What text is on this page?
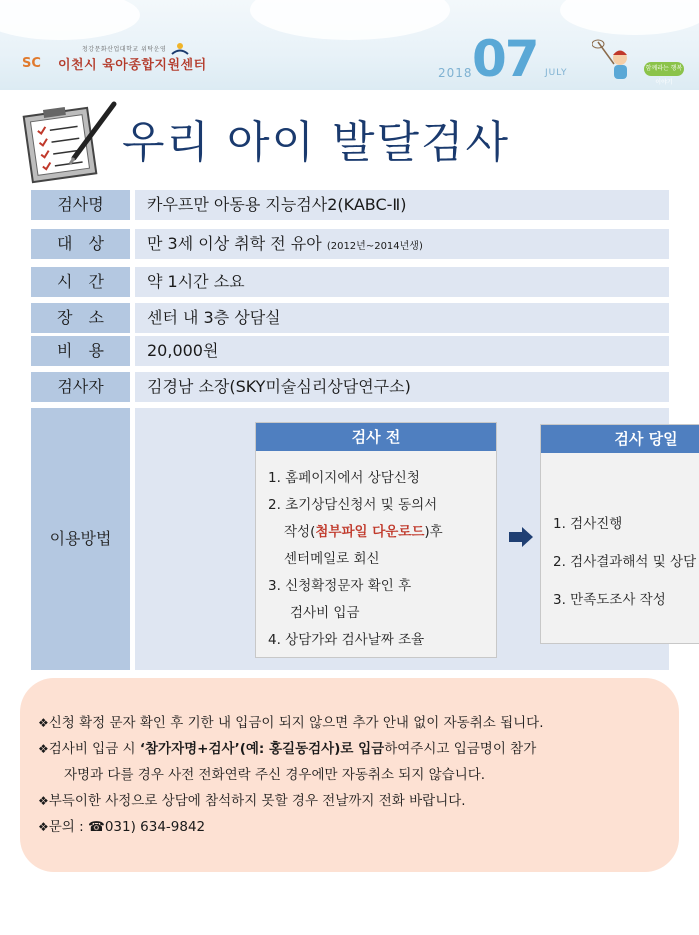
청강문화산업대학교 위탁운영
SC 이천시 육아종합지원센터	2018 07 JULY	함께라는 행복이야기
우리 아이 발달검사
검사명	카우프만 아동용 지능검사2(KABC-Ⅱ)
대　상	만 3세 이상 취학 전 유아 (2012년~2014년생)
시　간	약 1시간 소요
장　소	센터 내 3층 상담실
비　용	20,000원
검사자	김경남 소장(SKY미술심리상담연구소)
이용방법
검사 전
1. 홈페이지에서 상담신청
2. 초기상담신청서 및 동의서
작성(첨부파일 다운로드)후
센터메일로 회신
3. 신청확정문자 확인 후
검사비 입금
4. 상담가와 검사날짜 조율
검사 당일
1. 검사진행
2. 검사결과해석 및 상담
3. 만족도조사 작성
❖신청 확정 문자 확인 후 기한 내 입금이 되지 않으면 추가 안내 없이 자동취소 됩니다.
❖검사비 입금 시 ‘참가자명+검사’(예: 홍길동검사)로 입금하여주시고 입금명이 참가
자명과 다를 경우 사전 전화연락 주신 경우에만 자동취소 되지 않습니다.
❖부득이한 사정으로 상담에 참석하지 못할 경우 전날까지 전화 바랍니다.
❖문의 : ☎031) 634-9842
